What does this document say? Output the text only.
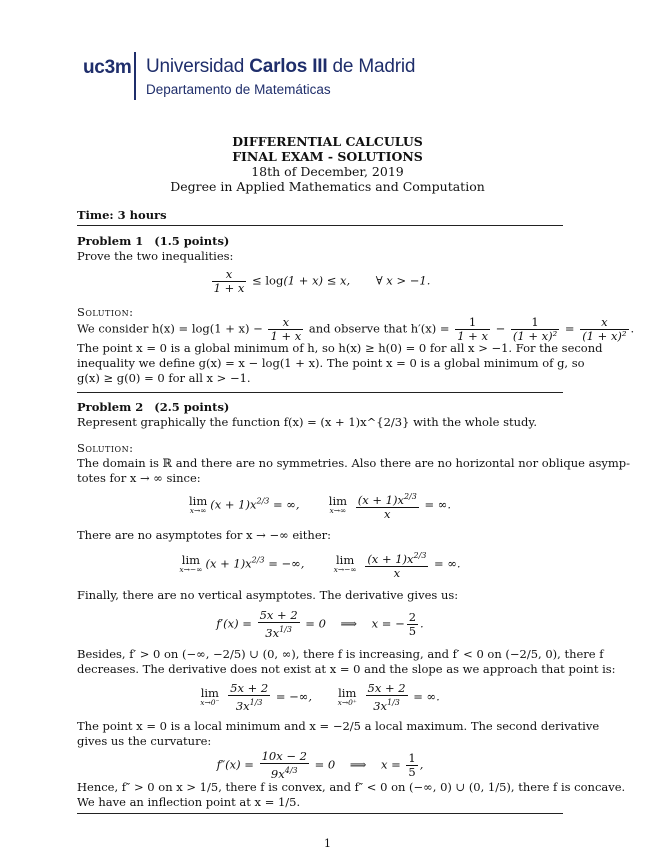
uc3m Universidad Carlos III de Madrid
Departamento de Matemáticas
DIFFERENTIAL CALCULUS
FINAL EXAM - SOLUTIONS
18th of December, 2019
Degree in Applied Mathematics and Computation
Time: 3 hours
Problem 1 (1.5 points)
Prove the two inequalities:
$\frac{x}{1 + x} \le \log(1 + x) \le x$,       ∀ x > −1.
Solution:
We consider $h(x) = \log(1 + x) - \frac{x}{1 + x}$ and observe that $h'(x) = \frac{1}{1 + x} - \frac{1}{\text{(1 + x)²}} = \frac{x}{\text{(1 + x)²}}$ .
The point x = 0 is a global minimum of h, so h(x) ≥ h(0) = 0 for all x > −1. For the second
inequality we define g(x) = x − log(1 + x). The point x = 0 is a global minimum of g, so
g(x) ≥ g(0) = 0 for all x > −1.
Problem 2 (2.5 points)
Represent graphically the function f(x) = (x + 1)x^{2/3} with the whole study.
Solution:
The domain is ℝ and there are no symmetries. Also there are no horizontal nor oblique asymp-
totes for x → ∞ since:
lim
x→∞ $(x + 1)x^{2/3}$ = ∞, lim
x→∞
$\frac{(x + 1)x^{2/3}}{x}$ = ∞.
There are no asymptotes for x → −∞ either:
lim
x→−∞ $(x + 1)x^{2/3}$ = −∞, lim
x→−∞
$\frac{(x + 1)x^{2/3}}{x}$ = ∞.
Finally, there are no vertical asymptotes. The derivative gives us:
$f'(x) = \frac{5x + 2}{3x^{1/3}} = 0$    ⟹    x = − $\frac{2}{5}$ .
Besides, f′ > 0 on (−∞, −2/5) ∪ (0, ∞), there f is increasing, and f′ < 0 on (−2/5, 0), there f
decreases. The derivative does not exist at x = 0 and the slope as we approach that point is:
lim
x→0⁻
$\frac{5x + 2}{3x^{1/3}}$ = −∞, lim
x→0⁺
$\frac{5x + 2}{3x^{1/3}}$ = ∞.
The point x = 0 is a local minimum and x = −2/5 a local maximum. The second derivative
gives us the curvature:
$f''(x) = \frac{10x - 2}{9x^{4/3}} = 0$    ⟹    $x = \frac{1}{5}$ ,
Hence, f″ > 0 on x > 1/5, there f is convex, and f″ < 0 on (−∞, 0) ∪ (0, 1/5), there f is concave.
We have an inflection point at x = 1/5.
1
